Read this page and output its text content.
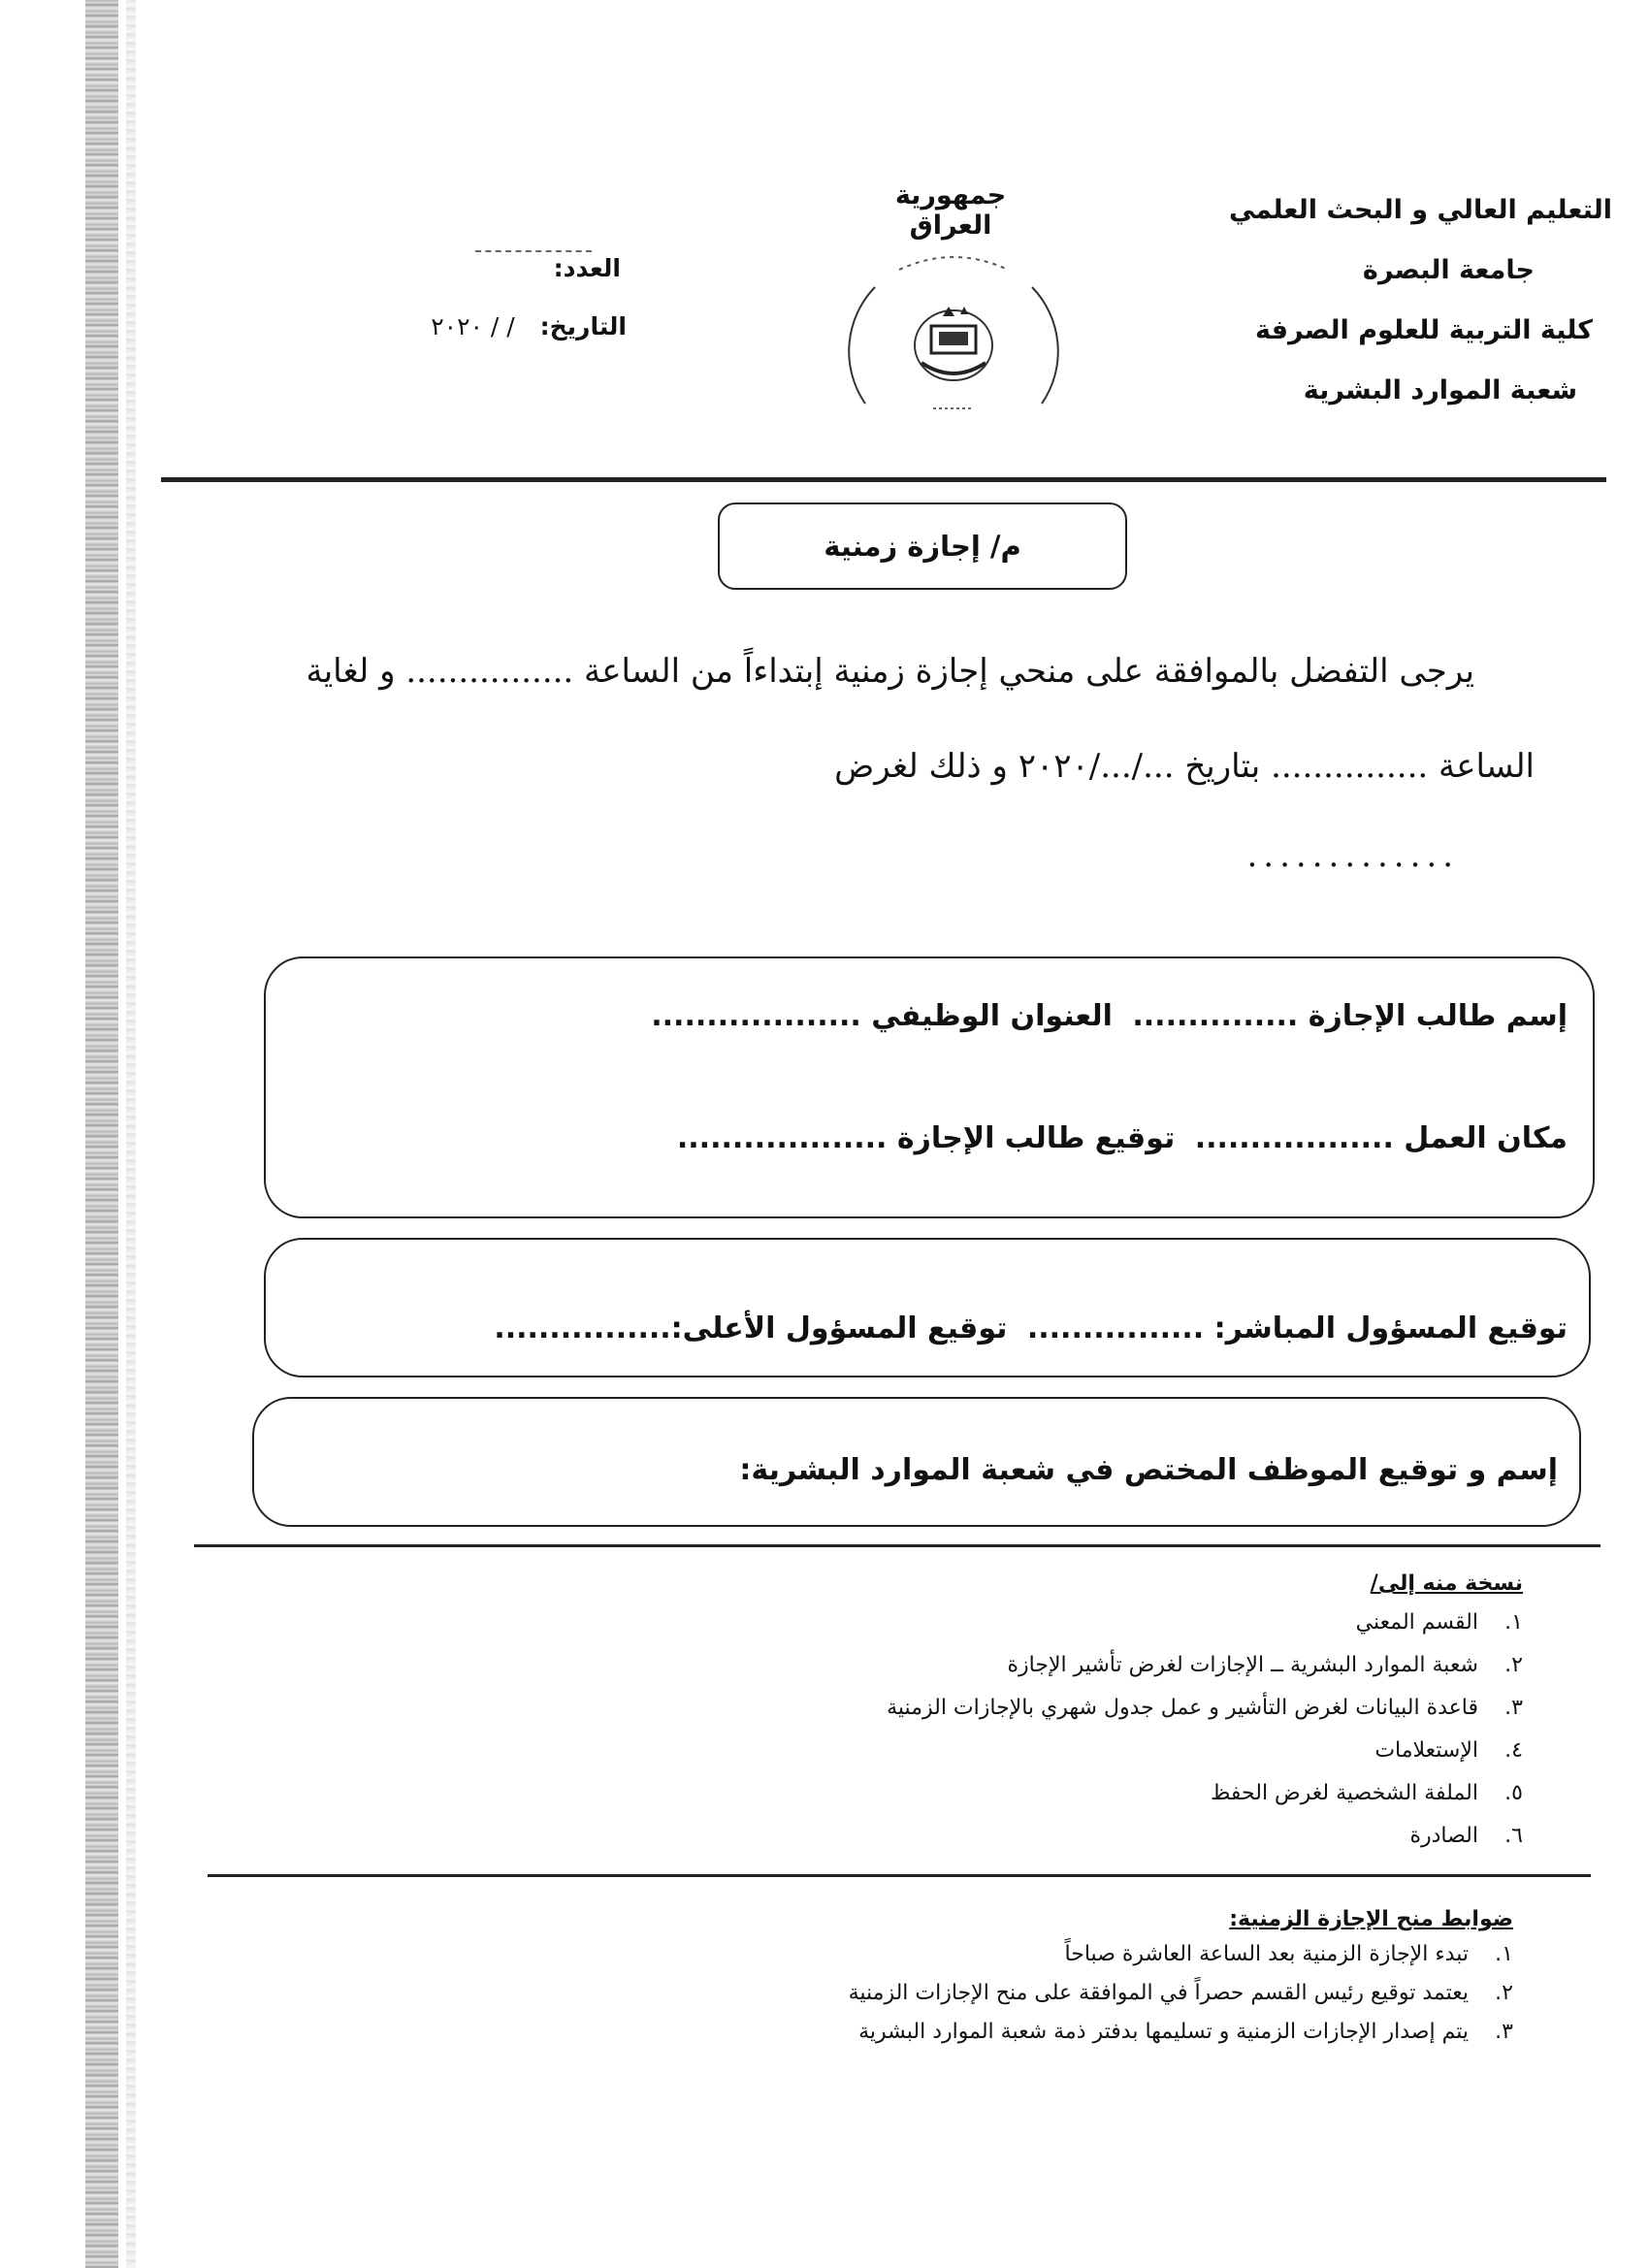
التعليم العالي و البحث العلمي
جامعة البصرة
كلية التربية للعلوم الصرفة
شعبة الموارد البشرية
جمهورية العراق
العدد:
التاريخ: / / ٢٠٢٠
م/ إجازة زمنية
يرجى التفضل بالموافقة على منحي إجازة زمنية إبتداءاً من الساعة ................ و لغاية
الساعة ............... بتاريخ .../.../٢٠٢٠ و ذلك لغرض
.............
إسم طالب الإجازة ............... العنوان الوظيفي ...................
مكان العمل .................. توقيع طالب الإجازة ...................
توقيع المسؤول المباشر: ................ توقيع المسؤول الأعلى:................
إسم و توقيع الموظف المختص في شعبة الموارد البشرية:
نسخة منه إلى/
١.القسم المعني
٢.شعبة الموارد البشرية ــ الإجازات لغرض تأشير الإجازة
٣.قاعدة البيانات لغرض التأشير و عمل جدول شهري بالإجازات الزمنية
٤.الإستعلامات
٥.الملفة الشخصية لغرض الحفظ
٦.الصادرة
ضوابط منح الإجازة الزمنية:
١.تبدء الإجازة الزمنية بعد الساعة العاشرة صباحاً
٢.يعتمد توقيع رئيس القسم حصراً في الموافقة على منح الإجازات الزمنية
٣.يتم إصدار الإجازات الزمنية و تسليمها بدفتر ذمة شعبة الموارد البشرية
